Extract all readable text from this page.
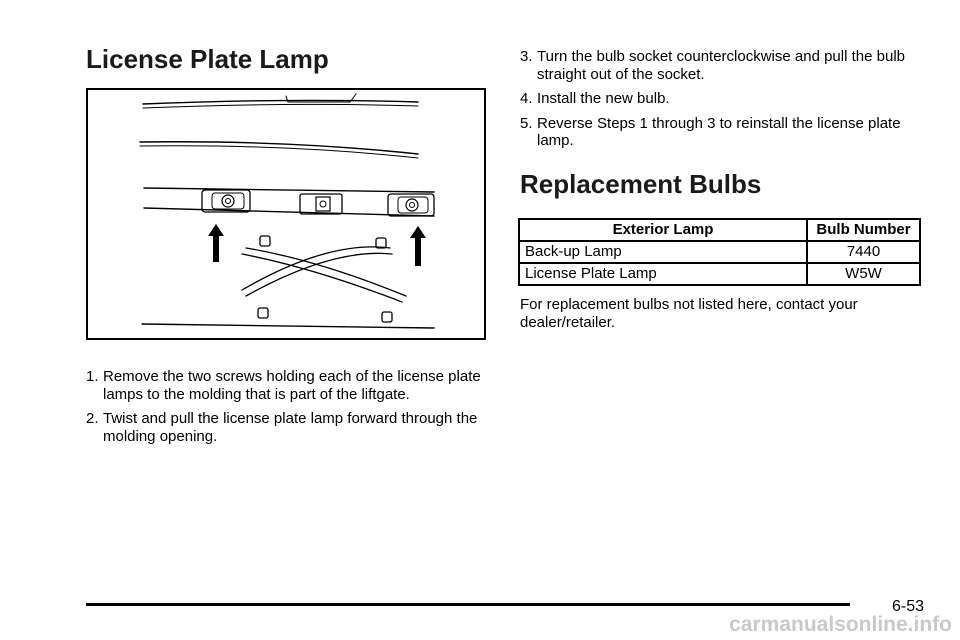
License Plate Lamp
1. Remove the two screws holding each of the license plate lamps to the molding that is part of the liftgate.
2. Twist and pull the license plate lamp forward through the molding opening.
3. Turn the bulb socket counterclockwise and pull the bulb straight out of the socket.
4. Install the new bulb.
5. Reverse Steps 1 through 3 to reinstall the license plate lamp.
Replacement Bulbs
Exterior Lamp	Bulb Number
Back-up Lamp	7440
License Plate Lamp	W5W

For replacement bulbs not listed here, contact your dealer/retailer.

6-53
carmanualsonline.info
